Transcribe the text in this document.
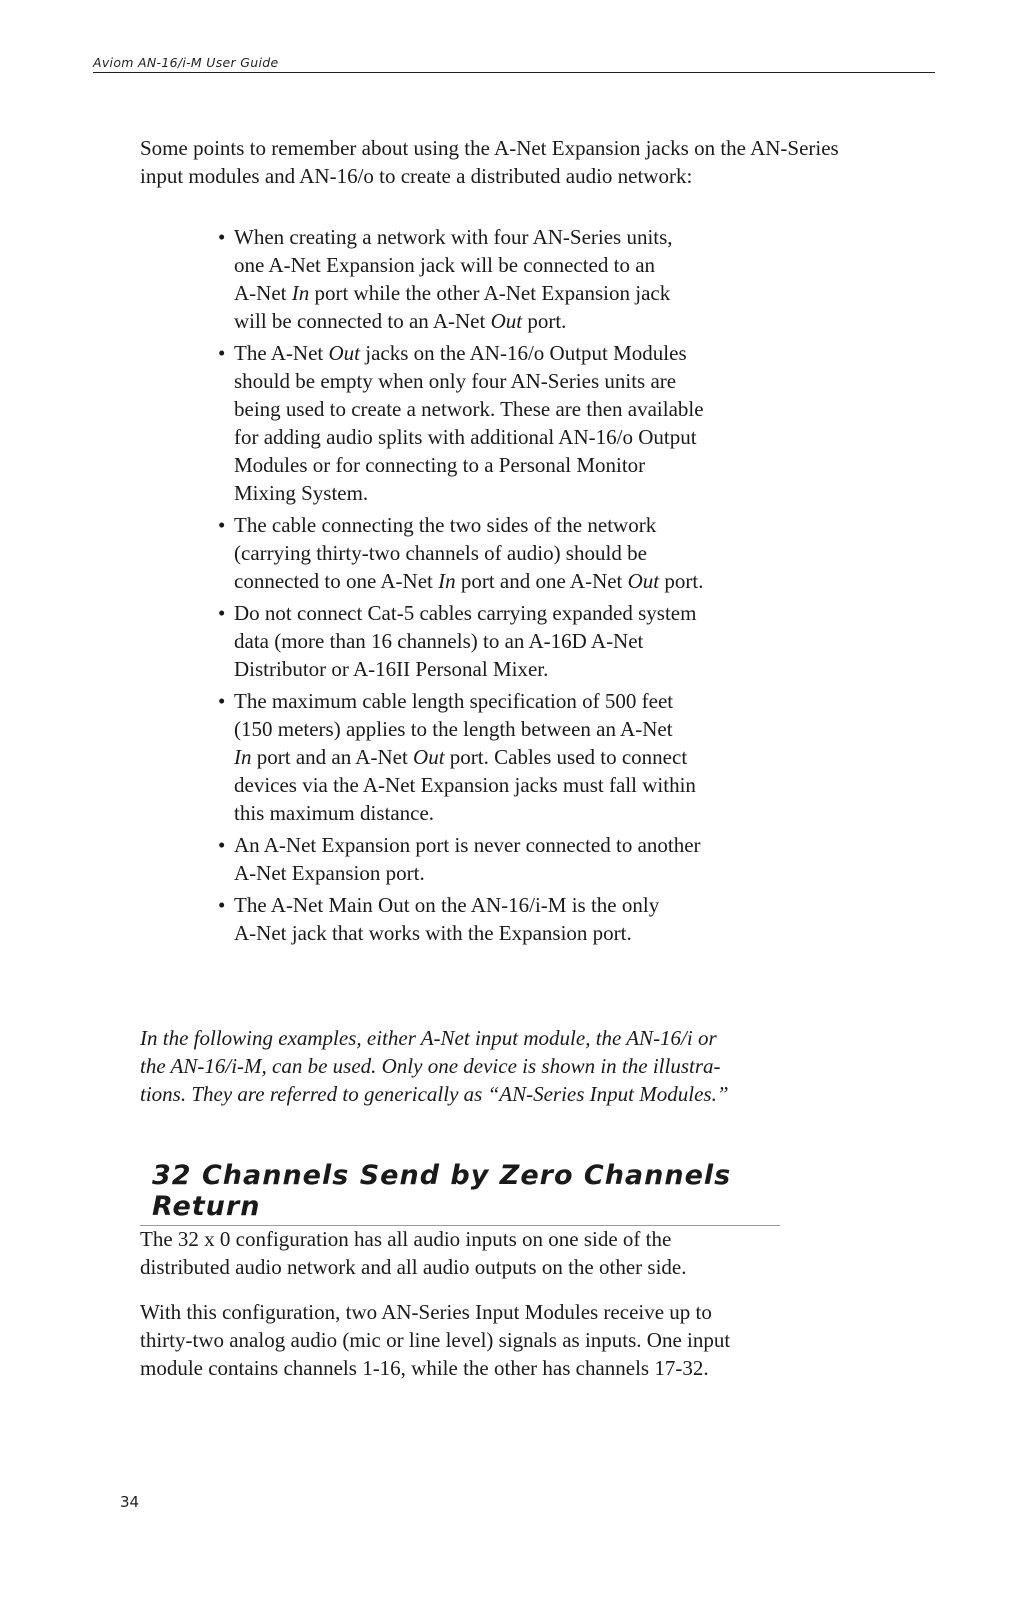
Aviom AN-16/i-M User Guide

Some points to remember about using the A-Net Expansion jacks on the AN-Series input modules and AN-16/o to create a distributed audio network:

• When creating a network with four AN-Series units,
one A-Net Expansion jack will be connected to an
A-Net In port while the other A-Net Expansion jack
will be connected to an A-Net Out port.
• The A-Net Out jacks on the AN-16/o Output Modules
should be empty when only four AN-Series units are
being used to create a network. These are then available
for adding audio splits with additional AN-16/o Output
Modules or for connecting to a Personal Monitor
Mixing System.
• The cable connecting the two sides of the network
(carrying thirty-two channels of audio) should be
connected to one A-Net In port and one A-Net Out port.
• Do not connect Cat-5 cables carrying expanded system
data (more than 16 channels) to an A-16D A-Net
Distributor or A-16II Personal Mixer.
• The maximum cable length specification of 500 feet
(150 meters) applies to the length between an A-Net
In port and an A-Net Out port. Cables used to connect
devices via the A-Net Expansion jacks must fall within
this maximum distance.
• An A-Net Expansion port is never connected to another
A-Net Expansion port.
• The A-Net Main Out on the AN-16/i-M is the only
A-Net jack that works with the Expansion port.

In the following examples, either A-Net input module, the AN-16/i or
the AN-16/i-M, can be used. Only one device is shown in the illustra-
tions. They are referred to generically as “AN-Series Input Modules.”

32 Channels Send by Zero Channels
Return

The 32 x 0 configuration has all audio inputs on one side of the
distributed audio network and all audio outputs on the other side.

With this configuration, two AN-Series Input Modules receive up to
thirty-two analog audio (mic or line level) signals as inputs. One input
module contains channels 1-16, while the other has channels 17-32.

34
